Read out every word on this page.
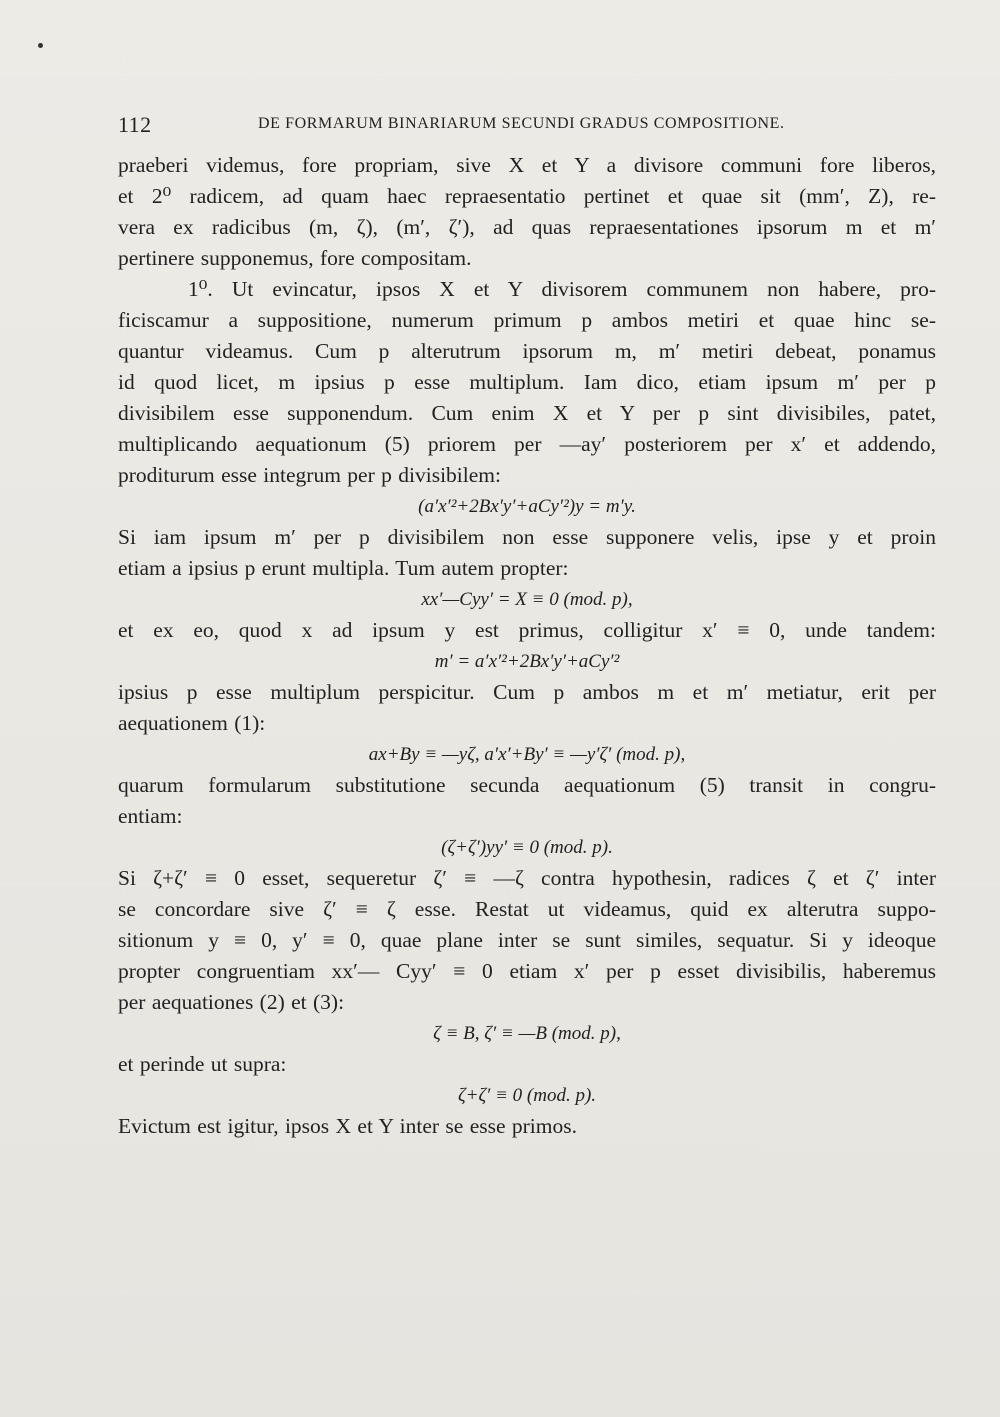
112	DE FORMARUM BINARIARUM SECUNDI GRADUS COMPOSITIONE.
praeberi videmus, fore propriam, sive X et Y a divisore communi fore liberos,
et 2⁰ radicem, ad quam haec repraesentatio pertinet et quae sit (mm′, Z), re-
vera ex radicibus (m, ζ), (m′, ζ′), ad quas repraesentationes ipsorum m et m′
pertinere supponemus, fore compositam.
1⁰. Ut evincatur, ipsos X et Y divisorem communem non habere, pro-
ficiscamur a suppositione, numerum primum p ambos metiri et quae hinc se-
quantur videamus. Cum p alterutrum ipsorum m, m′ metiri debeat, ponamus
id quod licet, m ipsius p esse multiplum. Iam dico, etiam ipsum m′ per p
divisibilem esse supponendum. Cum enim X et Y per p sint divisibiles, patet,
multiplicando aequationum (5) priorem per —ay′ posteriorem per x′ et addendo,
proditurum esse integrum per p divisibilem:
(a′x′²+2Bx′y′+aCy′²)y = m′y.
Si iam ipsum m′ per p divisibilem non esse supponere velis, ipse y et proin
etiam a ipsius p erunt multipla. Tum autem propter:
xx′—Cyy′ = X ≡ 0 (mod. p),
et ex eo, quod x ad ipsum y est primus, colligitur x′ ≡ 0, unde tandem:
m′ = a′x′²+2Bx′y′+aCy′²
ipsius p esse multiplum perspicitur. Cum p ambos m et m′ metiatur, erit per
aequationem (1):
ax+By ≡ —yζ, a′x′+By′ ≡ —y′ζ′ (mod. p),
quarum formularum substitutione secunda aequationum (5) transit in congru-
entiam:
(ζ+ζ′)yy′ ≡ 0 (mod. p).
Si ζ+ζ′ ≡ 0 esset, sequeretur ζ′ ≡ —ζ contra hypothesin, radices ζ et ζ′ inter
se concordare sive ζ′ ≡ ζ esse. Restat ut videamus, quid ex alterutra suppo-
sitionum y ≡ 0, y′ ≡ 0, quae plane inter se sunt similes, sequatur. Si y ideoque
propter congruentiam xx′— Cyy′ ≡ 0 etiam x′ per p esset divisibilis, haberemus
per aequationes (2) et (3):
ζ ≡ B, ζ′ ≡ —B (mod. p),
et perinde ut supra:
ζ+ζ′ ≡ 0 (mod. p).
Evictum est igitur, ipsos X et Y inter se esse primos.
